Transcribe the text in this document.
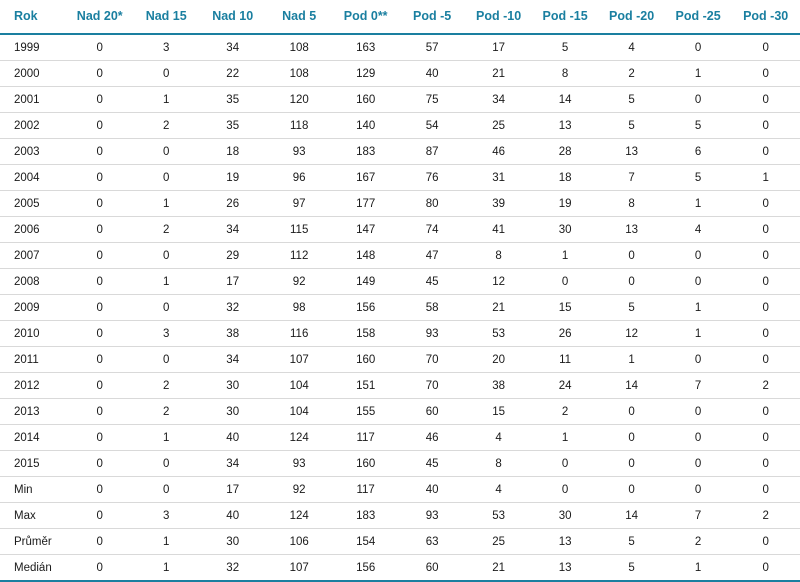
Rok	Nad 20*	Nad 15	Nad 10	Nad 5	Pod 0**	Pod -5	Pod -10	Pod -15	Pod -20	Pod -25	Pod -30
1999	0	3	34	108	163	57	17	5	4	0	0
2000	0	0	22	108	129	40	21	8	2	1	0
2001	0	1	35	120	160	75	34	14	5	0	0
2002	0	2	35	118	140	54	25	13	5	5	0
2003	0	0	18	93	183	87	46	28	13	6	0
2004	0	0	19	96	167	76	31	18	7	5	1
2005	0	1	26	97	177	80	39	19	8	1	0
2006	0	2	34	115	147	74	41	30	13	4	0
2007	0	0	29	112	148	47	8	1	0	0	0
2008	0	1	17	92	149	45	12	0	0	0	0
2009	0	0	32	98	156	58	21	15	5	1	0
2010	0	3	38	116	158	93	53	26	12	1	0
2011	0	0	34	107	160	70	20	11	1	0	0
2012	0	2	30	104	151	70	38	24	14	7	2
2013	0	2	30	104	155	60	15	2	0	0	0
2014	0	1	40	124	117	46	4	1	0	0	0
2015	0	0	34	93	160	45	8	0	0	0	0
Min	0	0	17	92	117	40	4	0	0	0	0
Max	0	3	40	124	183	93	53	30	14	7	2
Průměr	0	1	30	106	154	63	25	13	5	2	0
Medián	0	1	32	107	156	60	21	13	5	1	0
